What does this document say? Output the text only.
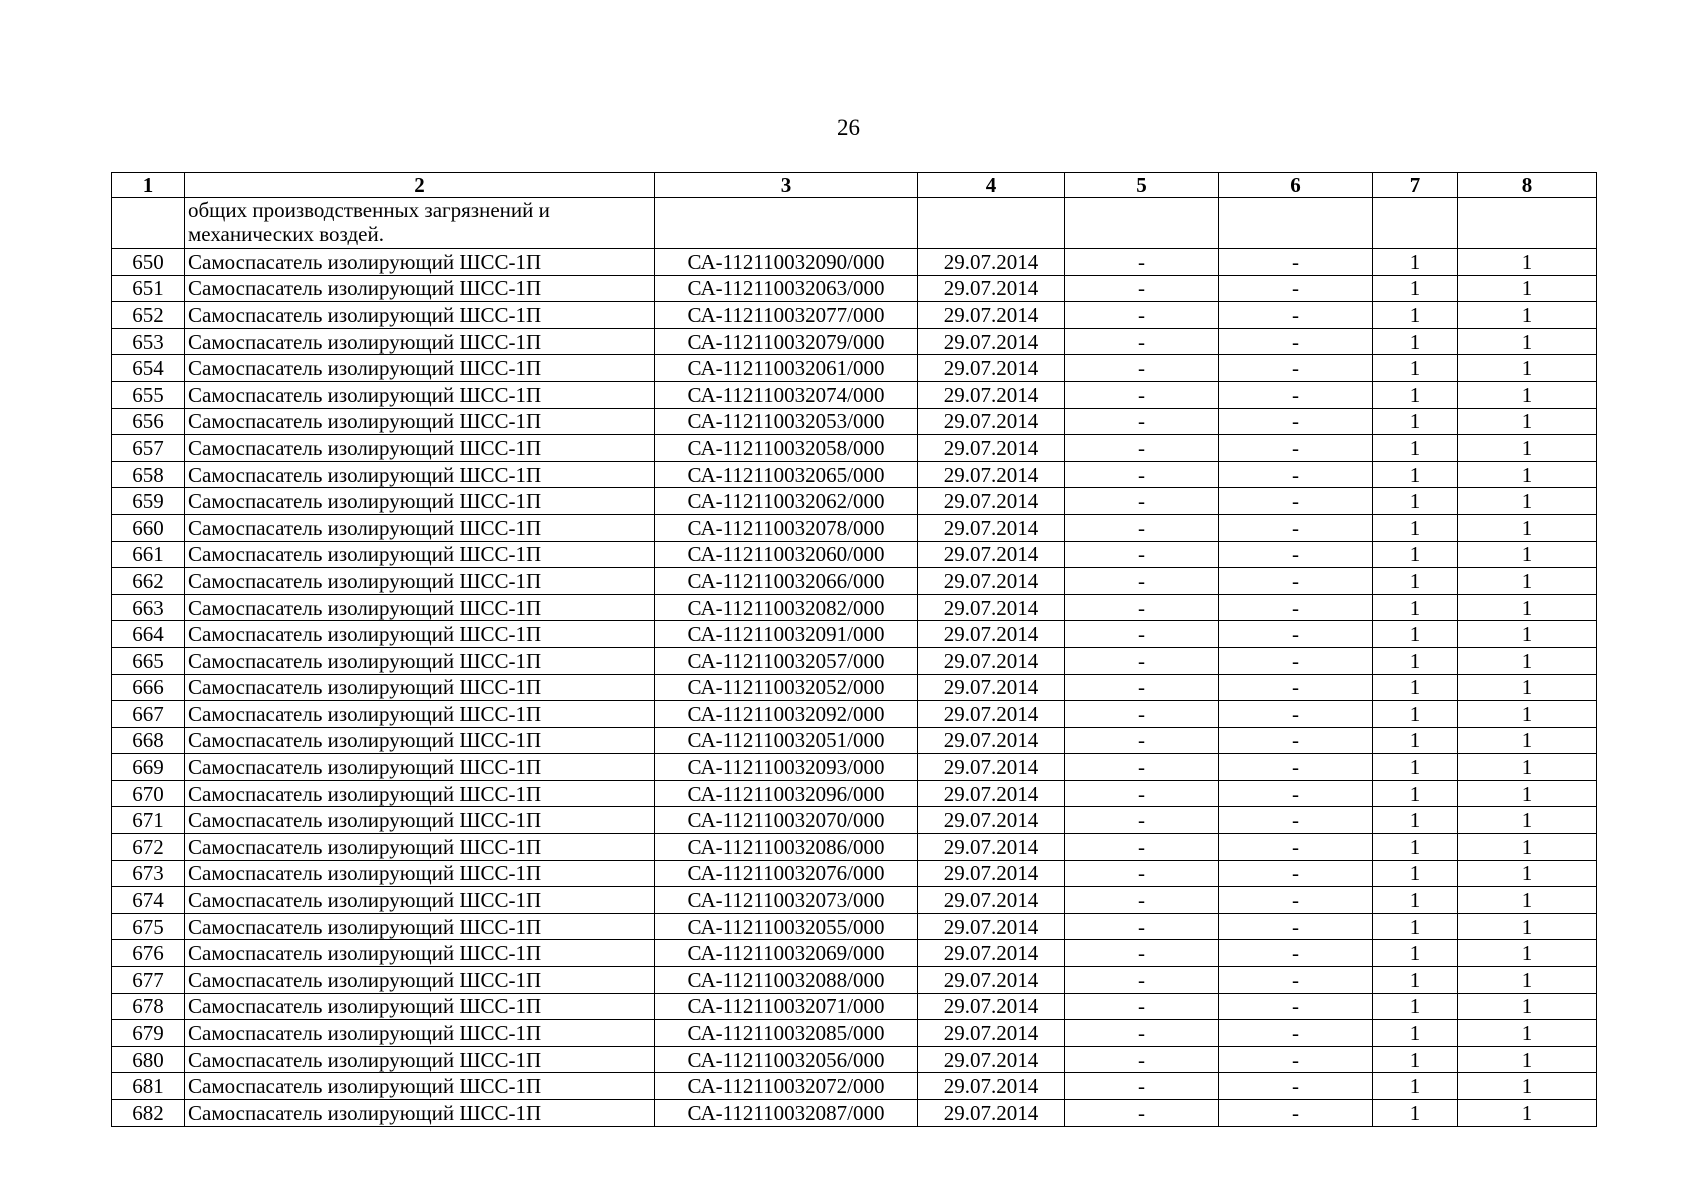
26
1	2	3	4	5	6	7	8

	общих производственных загрязнений и механических воздей.						

650	Самоспасатель изолирующий ШСС-1П	СА-112110032090/000	29.07.2014	-	-	1	1
651	Самоспасатель изолирующий ШСС-1П	СА-112110032063/000	29.07.2014	-	-	1	1
652	Самоспасатель изолирующий ШСС-1П	СА-112110032077/000	29.07.2014	-	-	1	1
653	Самоспасатель изолирующий ШСС-1П	СА-112110032079/000	29.07.2014	-	-	1	1
654	Самоспасатель изолирующий ШСС-1П	СА-112110032061/000	29.07.2014	-	-	1	1
655	Самоспасатель изолирующий ШСС-1П	СА-112110032074/000	29.07.2014	-	-	1	1
656	Самоспасатель изолирующий ШСС-1П	СА-112110032053/000	29.07.2014	-	-	1	1
657	Самоспасатель изолирующий ШСС-1П	СА-112110032058/000	29.07.2014	-	-	1	1
658	Самоспасатель изолирующий ШСС-1П	СА-112110032065/000	29.07.2014	-	-	1	1
659	Самоспасатель изолирующий ШСС-1П	СА-112110032062/000	29.07.2014	-	-	1	1
660	Самоспасатель изолирующий ШСС-1П	СА-112110032078/000	29.07.2014	-	-	1	1
661	Самоспасатель изолирующий ШСС-1П	СА-112110032060/000	29.07.2014	-	-	1	1
662	Самоспасатель изолирующий ШСС-1П	СА-112110032066/000	29.07.2014	-	-	1	1
663	Самоспасатель изолирующий ШСС-1П	СА-112110032082/000	29.07.2014	-	-	1	1
664	Самоспасатель изолирующий ШСС-1П	СА-112110032091/000	29.07.2014	-	-	1	1
665	Самоспасатель изолирующий ШСС-1П	СА-112110032057/000	29.07.2014	-	-	1	1
666	Самоспасатель изолирующий ШСС-1П	СА-112110032052/000	29.07.2014	-	-	1	1
667	Самоспасатель изолирующий ШСС-1П	СА-112110032092/000	29.07.2014	-	-	1	1
668	Самоспасатель изолирующий ШСС-1П	СА-112110032051/000	29.07.2014	-	-	1	1
669	Самоспасатель изолирующий ШСС-1П	СА-112110032093/000	29.07.2014	-	-	1	1
670	Самоспасатель изолирующий ШСС-1П	СА-112110032096/000	29.07.2014	-	-	1	1
671	Самоспасатель изолирующий ШСС-1П	СА-112110032070/000	29.07.2014	-	-	1	1
672	Самоспасатель изолирующий ШСС-1П	СА-112110032086/000	29.07.2014	-	-	1	1
673	Самоспасатель изолирующий ШСС-1П	СА-112110032076/000	29.07.2014	-	-	1	1
674	Самоспасатель изолирующий ШСС-1П	СА-112110032073/000	29.07.2014	-	-	1	1
675	Самоспасатель изолирующий ШСС-1П	СА-112110032055/000	29.07.2014	-	-	1	1
676	Самоспасатель изолирующий ШСС-1П	СА-112110032069/000	29.07.2014	-	-	1	1
677	Самоспасатель изолирующий ШСС-1П	СА-112110032088/000	29.07.2014	-	-	1	1
678	Самоспасатель изолирующий ШСС-1П	СА-112110032071/000	29.07.2014	-	-	1	1
679	Самоспасатель изолирующий ШСС-1П	СА-112110032085/000	29.07.2014	-	-	1	1
680	Самоспасатель изолирующий ШСС-1П	СА-112110032056/000	29.07.2014	-	-	1	1
681	Самоспасатель изолирующий ШСС-1П	СА-112110032072/000	29.07.2014	-	-	1	1
682	Самоспасатель изолирующий ШСС-1П	СА-112110032087/000	29.07.2014	-	-	1	1
